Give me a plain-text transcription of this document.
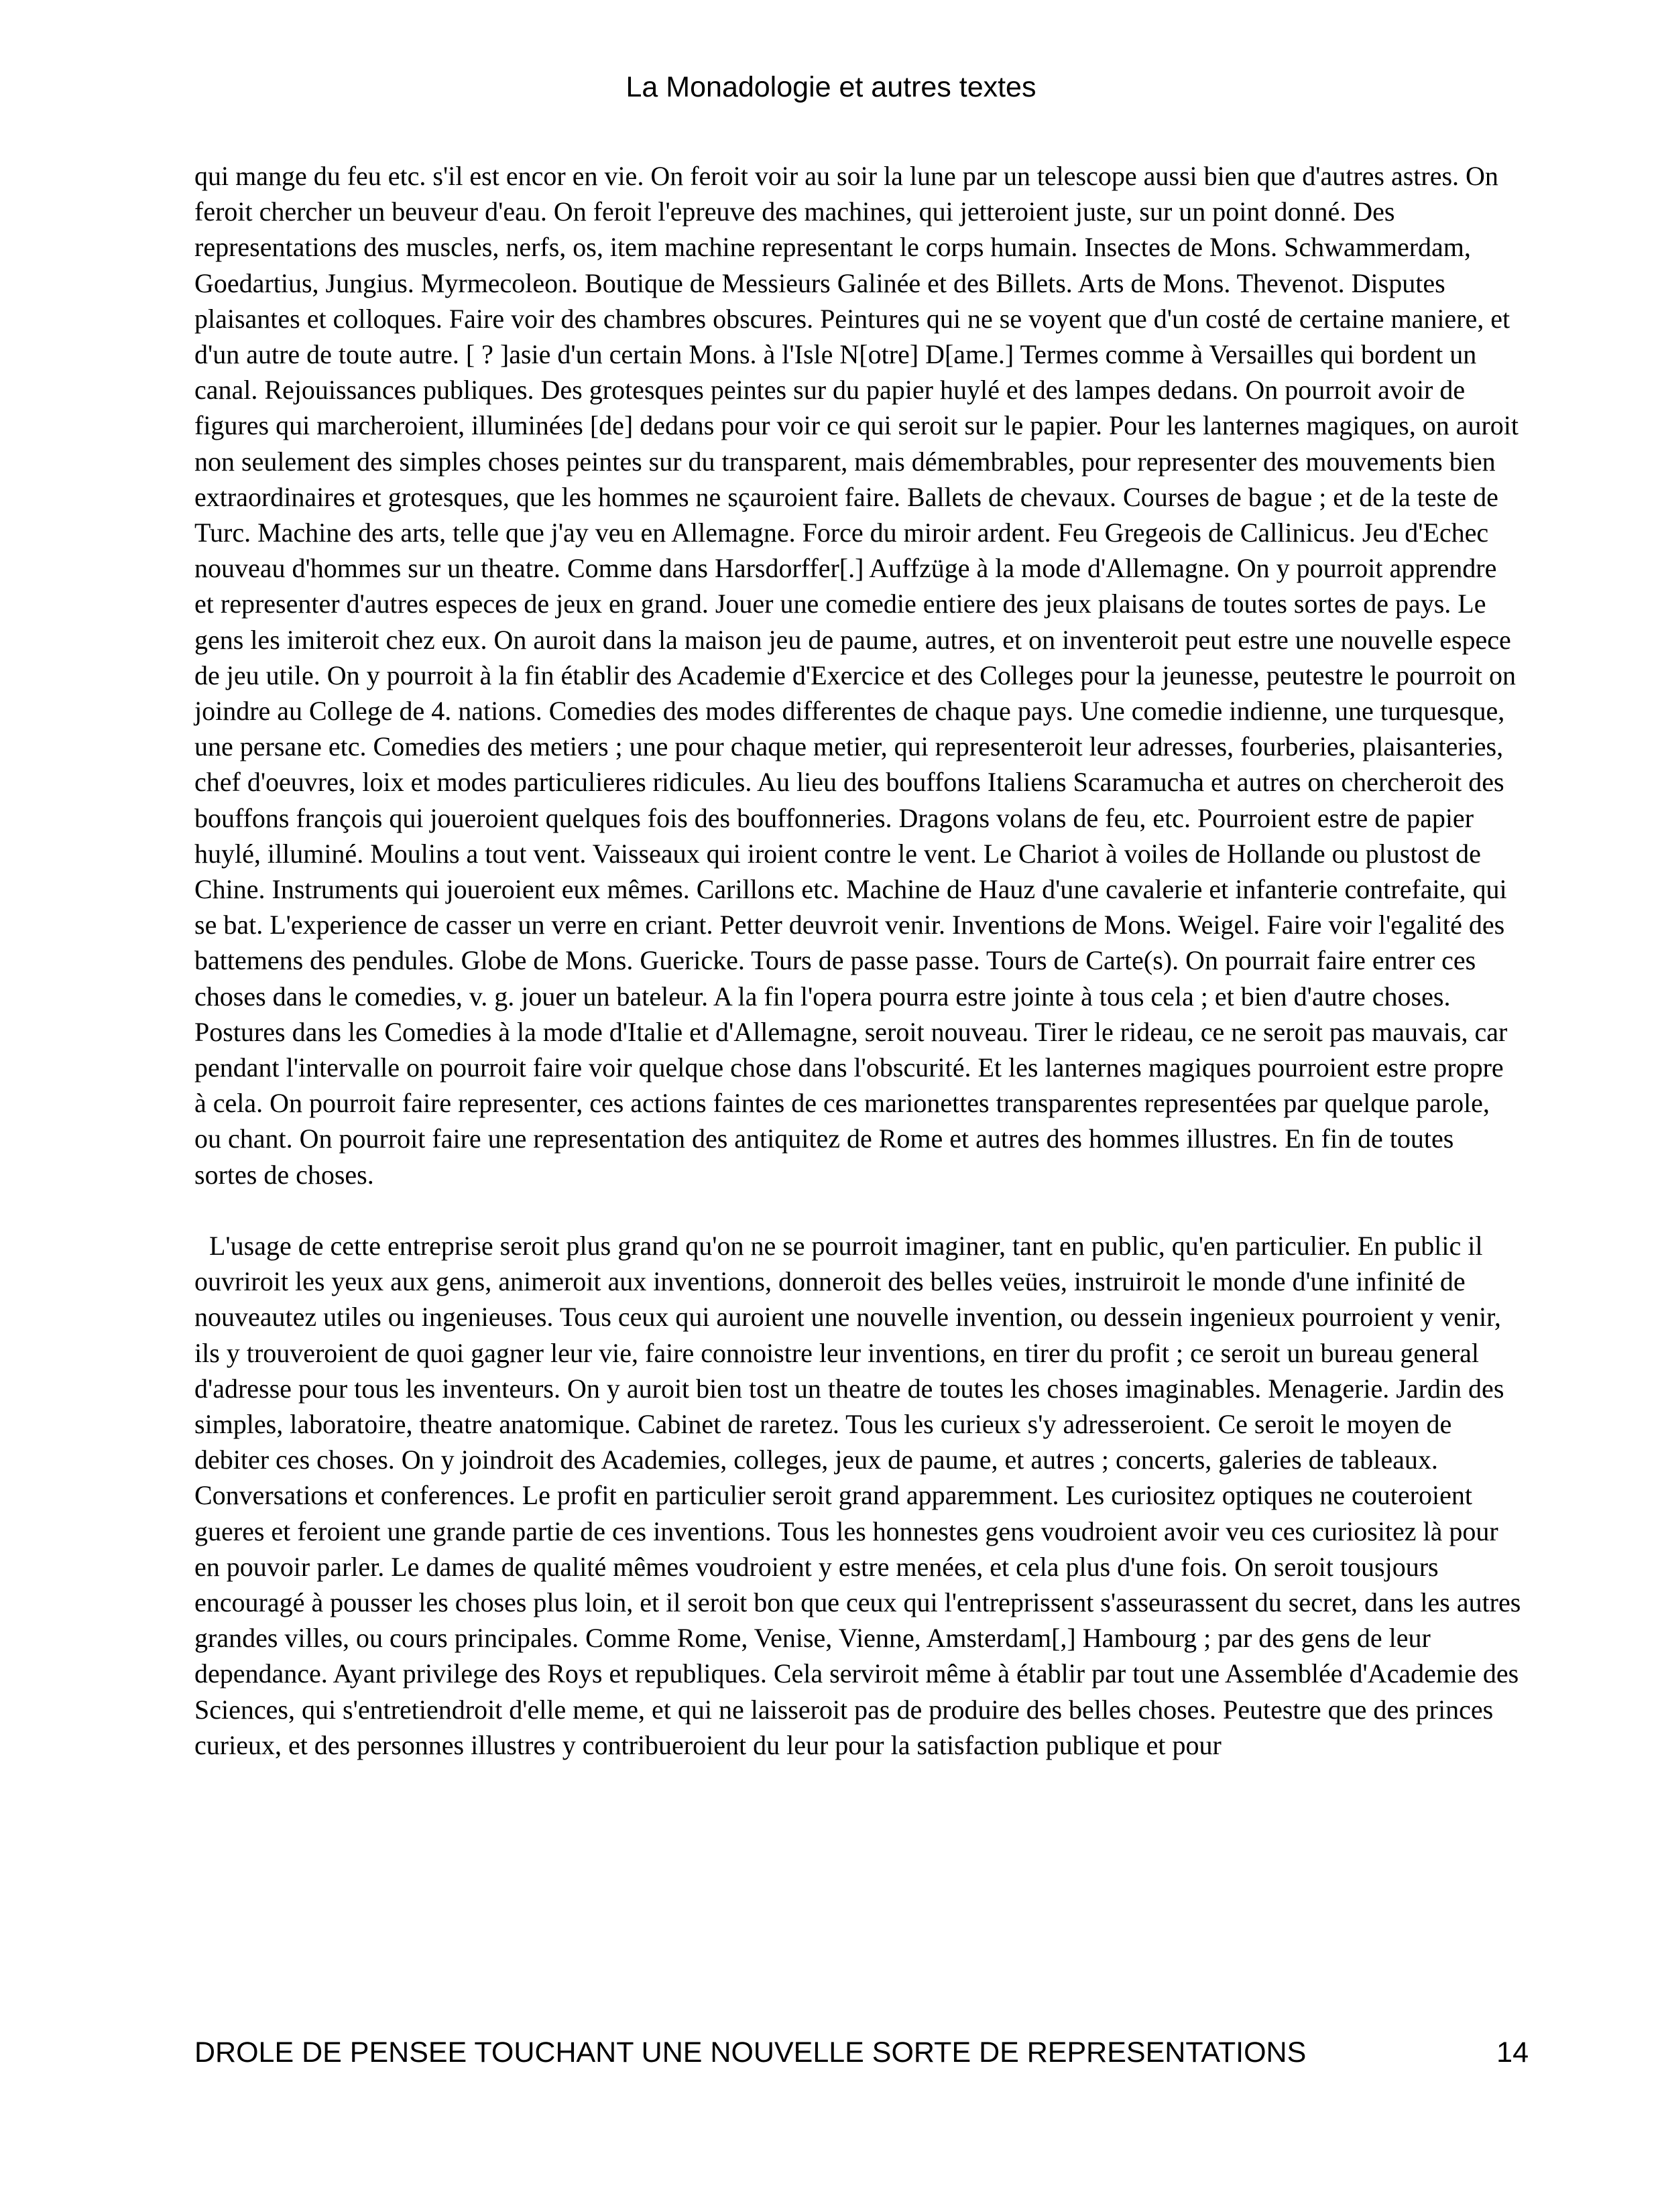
La Monadologie et autres textes

qui mange du feu etc. s'il est encor en vie. On feroit voir au soir la lune par un telescope aussi bien que d'autres astres. On feroit chercher un beuveur d'eau. On feroit l'epreuve des machines, qui jetteroient juste, sur un point donné. Des representations des muscles, nerfs, os, item machine representant le corps humain. Insectes de Mons. Schwammerdam, Goedartius, Jungius. Myrmecoleon. Boutique de Messieurs Galinée et des Billets. Arts de Mons. Thevenot. Disputes plaisantes et colloques. Faire voir des chambres obscures. Peintures qui ne se voyent que d'un costé de certaine maniere, et d'un autre de toute autre. [ ? ]asie d'un certain Mons. à l'Isle N[otre] D[ame.] Termes comme à Versailles qui bordent un canal. Rejouissances publiques. Des grotesques peintes sur du papier huylé et des lampes dedans. On pourroit avoir de figures qui marcheroient, illuminées [de] dedans pour voir ce qui seroit sur le papier. Pour les lanternes magiques, on auroit non seulement des simples choses peintes sur du transparent, mais démembrables, pour representer des mouvements bien extraordinaires et grotesques, que les hommes ne sçauroient faire. Ballets de chevaux. Courses de bague ; et de la teste de Turc. Machine des arts, telle que j'ay veu en Allemagne. Force du miroir ardent. Feu Gregeois de Callinicus. Jeu d'Echec nouveau d'hommes sur un theatre. Comme dans Harsdorffer[.] Auffzüge à la mode d'Allemagne. On y pourroit apprendre et representer d'autres especes de jeux en grand. Jouer une comedie entiere des jeux plaisans de toutes sortes de pays. Le gens les imiteroit chez eux. On auroit dans la maison jeu de paume, autres, et on inventeroit peut estre une nouvelle espece de jeu utile. On y pourroit à la fin établir des Academie d'Exercice et des Colleges pour la jeunesse, peutestre le pourroit on joindre au College de 4. nations. Comedies des modes differentes de chaque pays. Une comedie indienne, une turquesque, une persane etc. Comedies des metiers ; une pour chaque metier, qui representeroit leur adresses, fourberies, plaisanteries, chef d'oeuvres, loix et modes particulieres ridicules. Au lieu des bouffons Italiens Scaramucha et autres on chercheroit des bouffons françois qui joueroient quelques fois des bouffonneries. Dragons volans de feu, etc. Pourroient estre de papier huylé, illuminé. Moulins a tout vent. Vaisseaux qui iroient contre le vent. Le Chariot à voiles de Hollande ou plustost de Chine. Instruments qui joueroient eux mêmes. Carillons etc. Machine de Hauz d'une cavalerie et infanterie contrefaite, qui se bat. L'experience de casser un verre en criant. Petter deuvroit venir. Inventions de Mons. Weigel. Faire voir l'egalité des battemens des pendules. Globe de Mons. Guericke. Tours de passe passe. Tours de Carte(s). On pourrait faire entrer ces choses dans le comedies, v. g. jouer un bateleur. A la fin l'opera pourra estre jointe à tous cela ; et bien d'autre choses. Postures dans les Comedies à la mode d'Italie et d'Allemagne, seroit nouveau. Tirer le rideau, ce ne seroit pas mauvais, car pendant l'intervalle on pourroit faire voir quelque chose dans l'obscurité. Et les lanternes magiques pourroient estre propre à cela. On pourroit faire representer, ces actions faintes de ces marionettes transparentes representées par quelque parole, ou chant. On pourroit faire une representation des antiquitez de Rome et autres des hommes illustres. En fin de toutes sortes de choses.

L'usage de cette entreprise seroit plus grand qu'on ne se pourroit imaginer, tant en public, qu'en particulier. En public il ouvriroit les yeux aux gens, animeroit aux inventions, donneroit des belles veües, instruiroit le monde d'une infinité de nouveautez utiles ou ingenieuses. Tous ceux qui auroient une nouvelle invention, ou dessein ingenieux pourroient y venir, ils y trouveroient de quoi gagner leur vie, faire connoistre leur inventions, en tirer du profit ; ce seroit un bureau general d'adresse pour tous les inventeurs. On y auroit bien tost un theatre de toutes les choses imaginables. Menagerie. Jardin des simples, laboratoire, theatre anatomique. Cabinet de raretez. Tous les curieux s'y adresseroient. Ce seroit le moyen de debiter ces choses. On y joindroit des Academies, colleges, jeux de paume, et autres ; concerts, galeries de tableaux. Conversations et conferences. Le profit en particulier seroit grand apparemment. Les curiositez optiques ne couteroient gueres et feroient une grande partie de ces inventions. Tous les honnestes gens voudroient avoir veu ces curiositez là pour en pouvoir parler. Le dames de qualité mêmes voudroient y estre menées, et cela plus d'une fois. On seroit tousjours encouragé à pousser les choses plus loin, et il seroit bon que ceux qui l'entreprissent s'asseurassent du secret, dans les autres grandes villes, ou cours principales. Comme Rome, Venise, Vienne, Amsterdam[,] Hambourg ; par des gens de leur dependance. Ayant privilege des Roys et republiques. Cela serviroit même à établir par tout une Assemblée d'Academie des Sciences, qui s'entretiendroit d'elle meme, et qui ne laisseroit pas de produire des belles choses. Peutestre que des princes curieux, et des personnes illustres y contribueroient du leur pour la satisfaction publique et pour

DROLE DE PENSEE TOUCHANT UNE NOUVELLE SORTE DE REPRESENTATIONS	14
